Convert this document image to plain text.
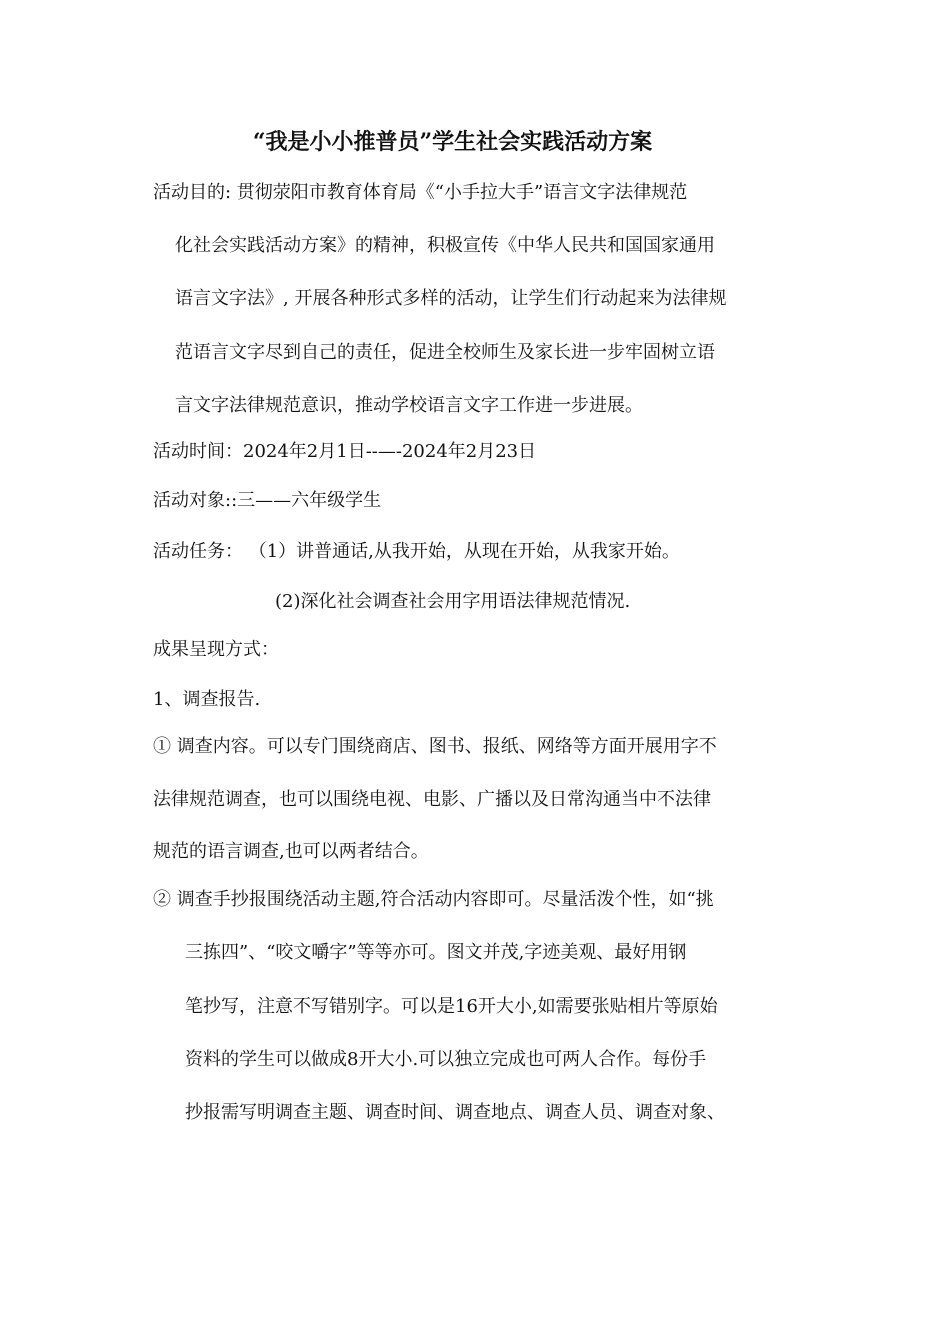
“我是小小推普员”学生社会实践活动方案

活动目的: 贯彻荥阳市教育体育局《“小手拉大手”语言文字法律规范

化社会实践活动方案》的精神，积极宣传《中华人民共和国国家通用

语言文字法》, 开展各种形式多样的活动，让学生们行动起来为法律规

范语言文字尽到自己的责任，促进全校师生及家长进一步牢固树立语

言文字法律规范意识，推动学校语言文字工作进一步进展。

活动时间：2024年2月1日--—-2024年2月23日

活动对象::三——六年级学生

活动任务： （1）讲普通话,从我开始，从现在开始，从我家开始。

(2)深化社会调查社会用字用语法律规范情况.

成果呈现方式：

1、调查报告.

① 调查内容。可以专门围绕商店、图书、报纸、网络等方面开展用字不

法律规范调查，也可以围绕电视、电影、广播以及日常沟通当中不法律

规范的语言调查,也可以两者结合。

② 调查手抄报围绕活动主题,符合活动内容即可。尽量活泼个性，如“挑

三拣四”、“咬文嚼字”等等亦可。图文并茂,字迹美观、最好用钢

笔抄写，注意不写错别字。可以是16开大小,如需要张贴相片等原始

资料的学生可以做成8开大小.可以独立完成也可两人合作。每份手

抄报需写明调查主题、调查时间、调查地点、调查人员、调查对象、
